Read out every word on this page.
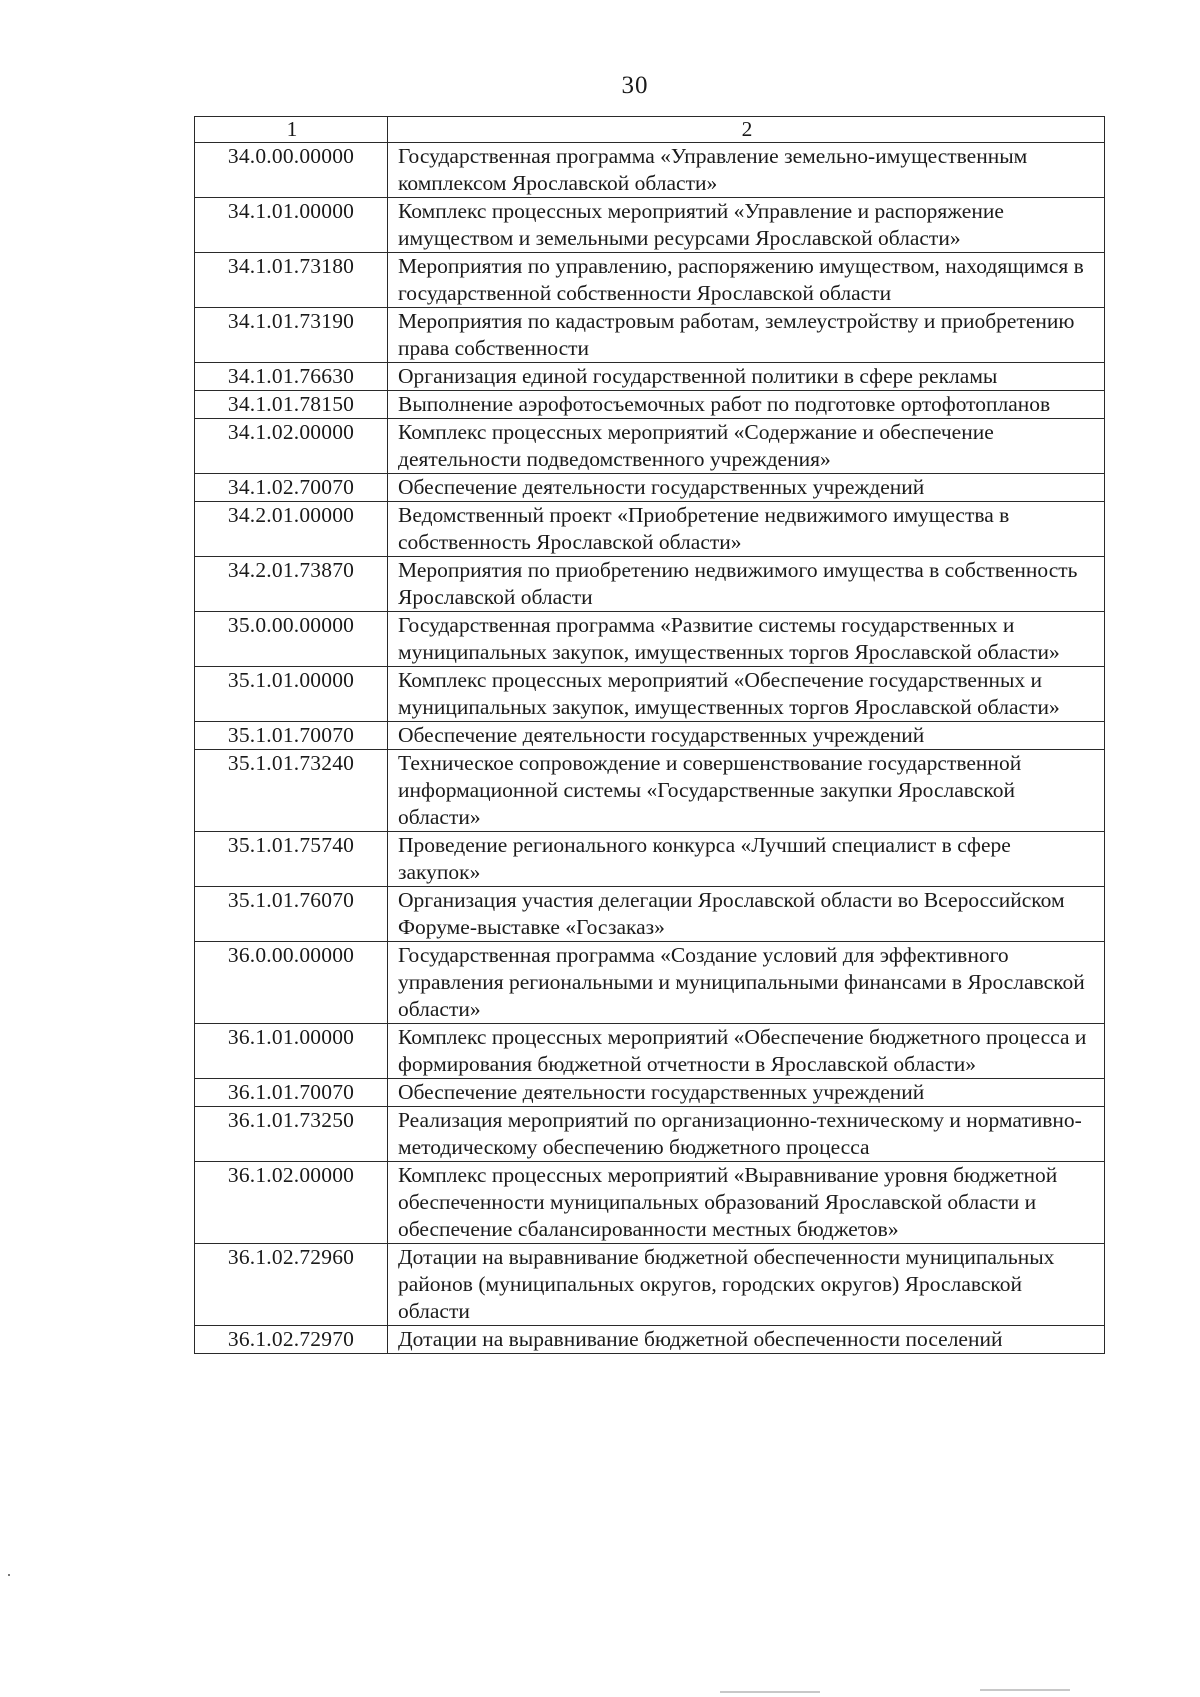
30
1	2
34.0.00.00000	Государственная программа «Управление земельно-имущественным комплексом Ярославской области»
34.1.01.00000	Комплекс процессных мероприятий «Управление и распоряжение имуществом и земельными ресурсами Ярославской области»
34.1.01.73180	Мероприятия по управлению, распоряжению имуществом, находящимся в государственной собственности Ярославской области
34.1.01.73190	Мероприятия по кадастровым работам, землеустройству и приобретению права собственности
34.1.01.76630	Организация единой государственной политики в сфере рекламы
34.1.01.78150	Выполнение аэрофотосъемочных работ по подготовке ортофотопланов
34.1.02.00000	Комплекс процессных мероприятий «Содержание и обеспечение деятельности подведомственного учреждения»
34.1.02.70070	Обеспечение деятельности государственных учреждений
34.2.01.00000	Ведомственный проект «Приобретение недвижимого имущества в собственность Ярославской области»
34.2.01.73870	Мероприятия по приобретению недвижимого имущества в собственность Ярославской области
35.0.00.00000	Государственная программа «Развитие системы государственных и муниципальных закупок, имущественных торгов Ярославской области»
35.1.01.00000	Комплекс процессных мероприятий «Обеспечение государственных и муниципальных закупок, имущественных торгов Ярославской области»
35.1.01.70070	Обеспечение деятельности государственных учреждений
35.1.01.73240	Техническое сопровождение и совершенствование государственной информационной системы «Государственные закупки Ярославской области»
35.1.01.75740	Проведение регионального конкурса «Лучший специалист в сфере закупок»
35.1.01.76070	Организация участия делегации Ярославской области во Всероссийском Форуме-выставке «Госзаказ»
36.0.00.00000	Государственная программа «Создание условий для эффективного управления региональными и муниципальными финансами в Ярославской области»
36.1.01.00000	Комплекс процессных мероприятий «Обеспечение бюджетного процесса и формирования бюджетной отчетности в Ярославской области»
36.1.01.70070	Обеспечение деятельности государственных учреждений
36.1.01.73250	Реализация мероприятий по организационно-техническому и нормативно-методическому обеспечению бюджетного процесса
36.1.02.00000	Комплекс процессных мероприятий «Выравнивание уровня бюджетной обеспеченности муниципальных образований Ярославской области и обеспечение сбалансированности местных бюджетов»
36.1.02.72960	Дотации на выравнивание бюджетной обеспеченности муниципальных районов (муниципальных округов, городских округов) Ярославской области
36.1.02.72970	Дотации на выравнивание бюджетной обеспеченности поселений
